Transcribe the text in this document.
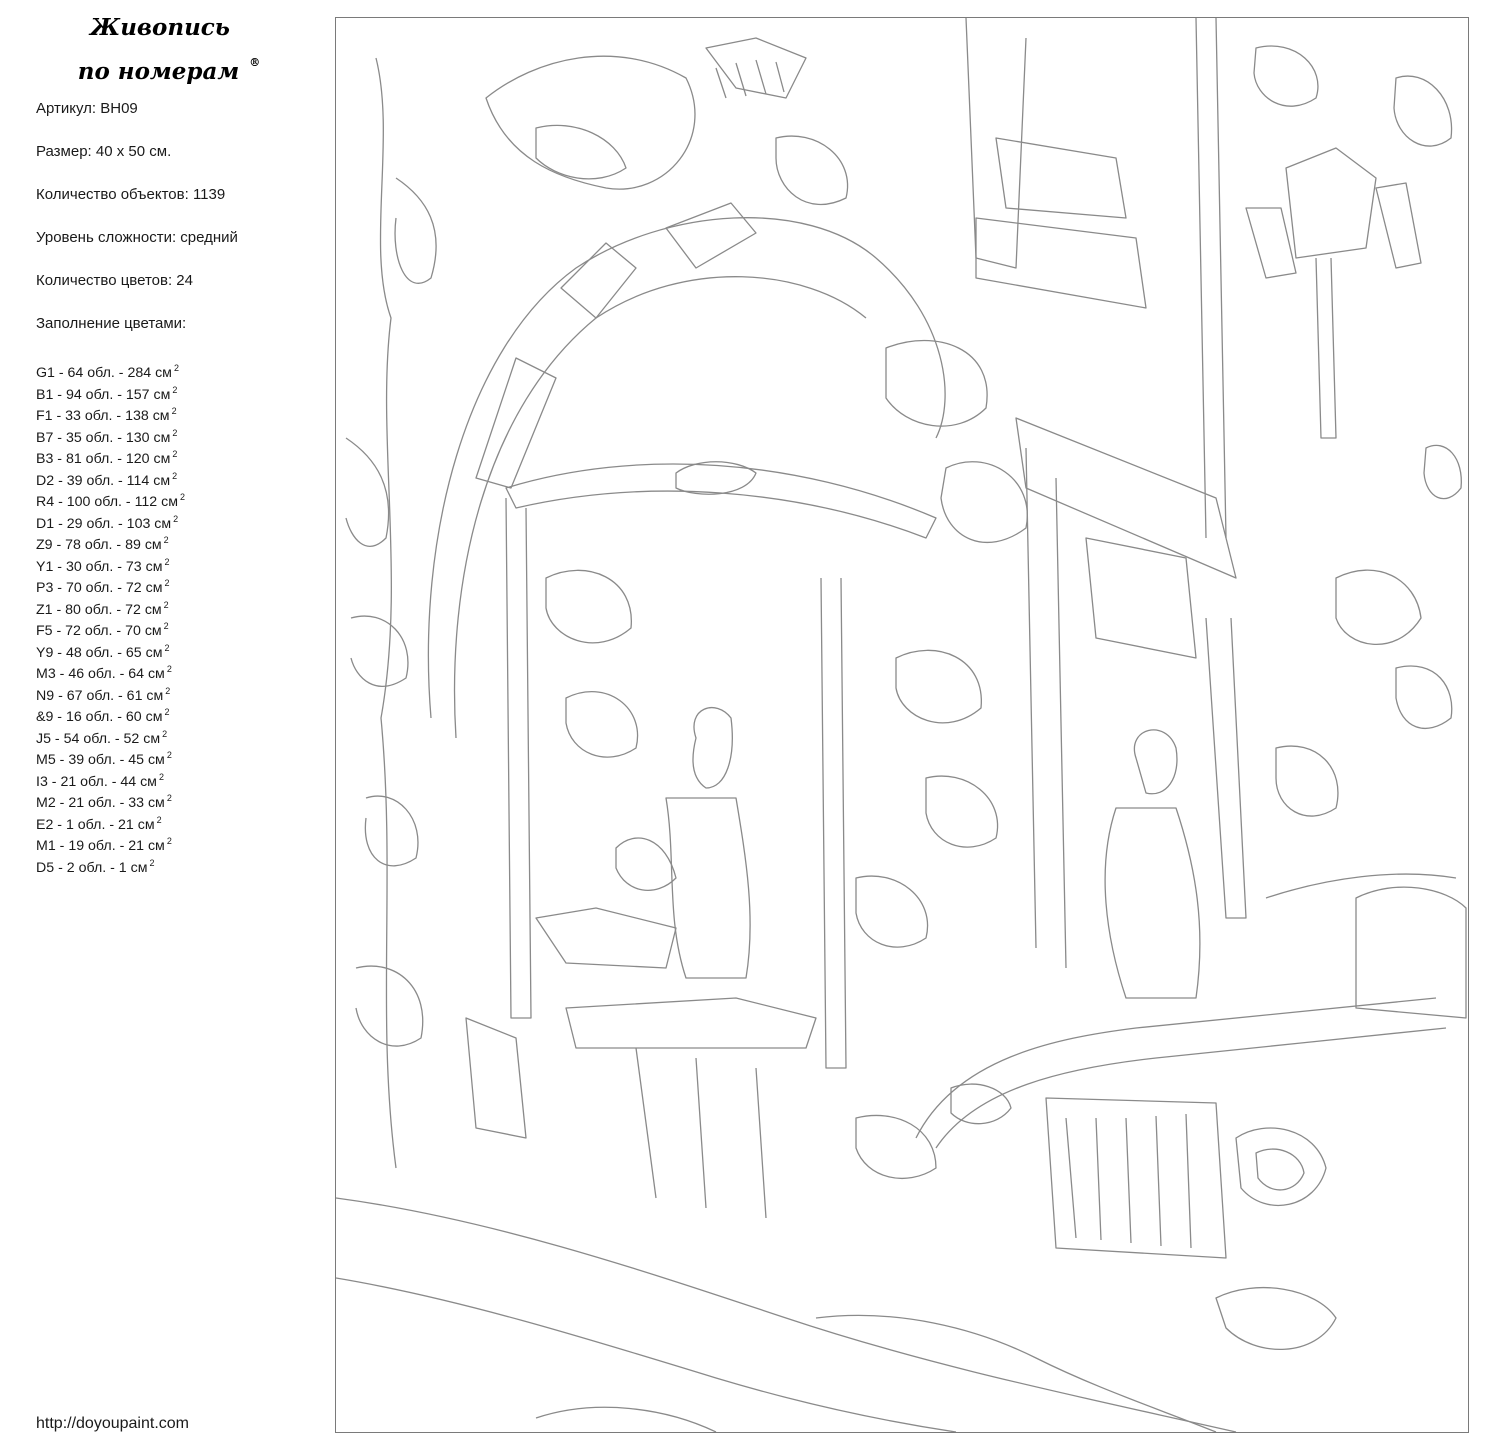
Живопись
по номерам ®
Артикул: BH09
Размер: 40 х 50 см.
Количество объектов: 1139
Уровень сложности: средний
Количество цветов: 24
Заполнение цветами:
G1 - 64 обл. - 284 см $^2$
B1 - 94 обл. - 157 см $^2$
F1 - 33 обл. - 138 см $^2$
B7 - 35 обл. - 130 см $^2$
B3 - 81 обл. - 120 см $^2$
D2 - 39 обл. - 114 см $^2$
R4 - 100 обл. - 112 см $^2$
D1 - 29 обл. - 103 см $^2$
Z9 - 78 обл. - 89 см $^2$
Y1 - 30 обл. - 73 см $^2$
P3 - 70 обл. - 72 см $^2$
Z1 - 80 обл. - 72 см $^2$
F5 - 72 обл. - 70 см $^2$
Y9 - 48 обл. - 65 см $^2$
M3 - 46 обл. - 64 см $^2$
N9 - 67 обл. - 61 см $^2$
&9 - 16 обл. - 60 см $^2$
J5 - 54 обл. - 52 см $^2$
M5 - 39 обл. - 45 см $^2$
I3 - 21 обл. - 44 см $^2$
M2 - 21 обл. - 33 см $^2$
E2 - 1 обл. - 21 см $^2$
M1 - 19 обл. - 21 см $^2$
D5 - 2 обл. - 1 см $^2$
http://doyoupaint.com
